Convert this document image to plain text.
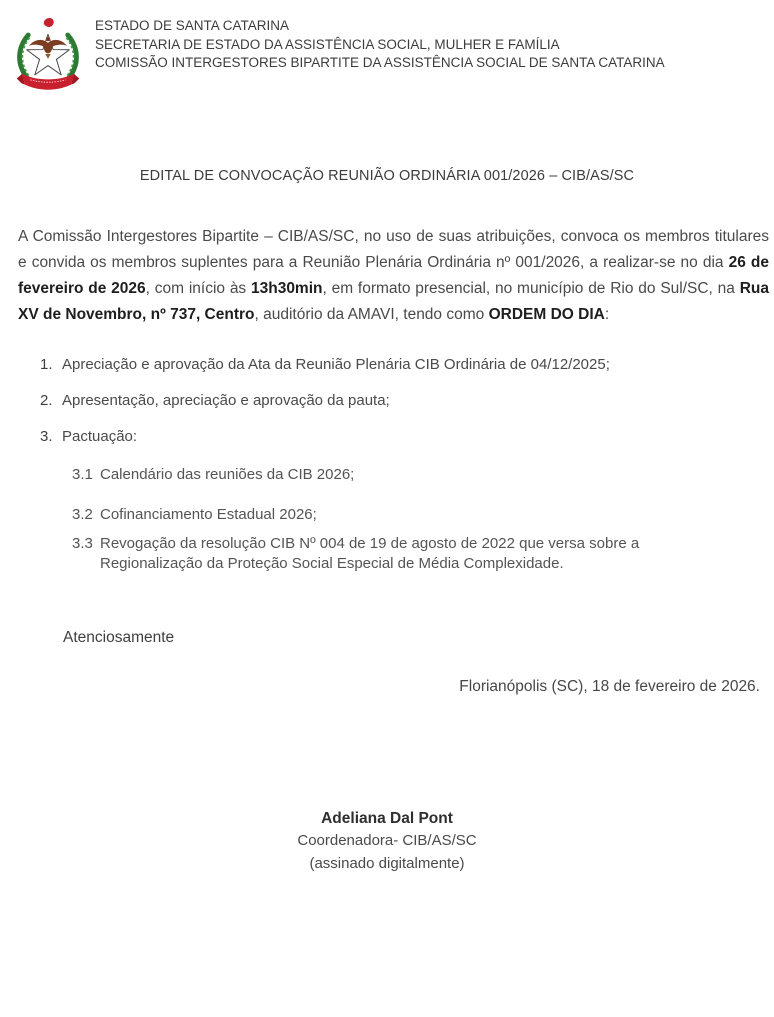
ESTADO DE SANTA CATARINA
SECRETARIA DE ESTADO DA ASSISTÊNCIA SOCIAL, MULHER E FAMÍLIA
COMISSÃO INTERGESTORES BIPARTITE DA ASSISTÊNCIA SOCIAL DE SANTA CATARINA
EDITAL DE CONVOCAÇÃO REUNIÃO ORDINÁRIA 001/2026 – CIB/AS/SC

A Comissão Intergestores Bipartite – CIB/AS/SC, no uso de suas atribuições, convoca os membros titulares e convida os membros suplentes para a Reunião Plenária Ordinária nº 001/2026, a realizar-se no dia 26 de fevereiro de 2026, com início às 13h30min, em formato presencial, no município de Rio do Sul/SC, na Rua XV de Novembro, nº 737, Centro, auditório da AMAVI, tendo como ORDEM DO DIA:

1. Apreciação e aprovação da Ata da Reunião Plenária CIB Ordinária de 04/12/2025;
2. Apresentação, apreciação e aprovação da pauta;
3. Pactuação:
3.1 Calendário das reuniões da CIB 2026;
3.2 Cofinanciamento Estadual 2026;
3.3 Revogação da resolução CIB Nº 004 de 19 de agosto de 2022 que versa sobre a Regionalização da Proteção Social Especial de Média Complexidade.
Atenciosamente
Florianópolis (SC), 18 de fevereiro de 2026.
Adeliana Dal Pont
Coordenadora- CIB/AS/SC
(assinado digitalmente)
